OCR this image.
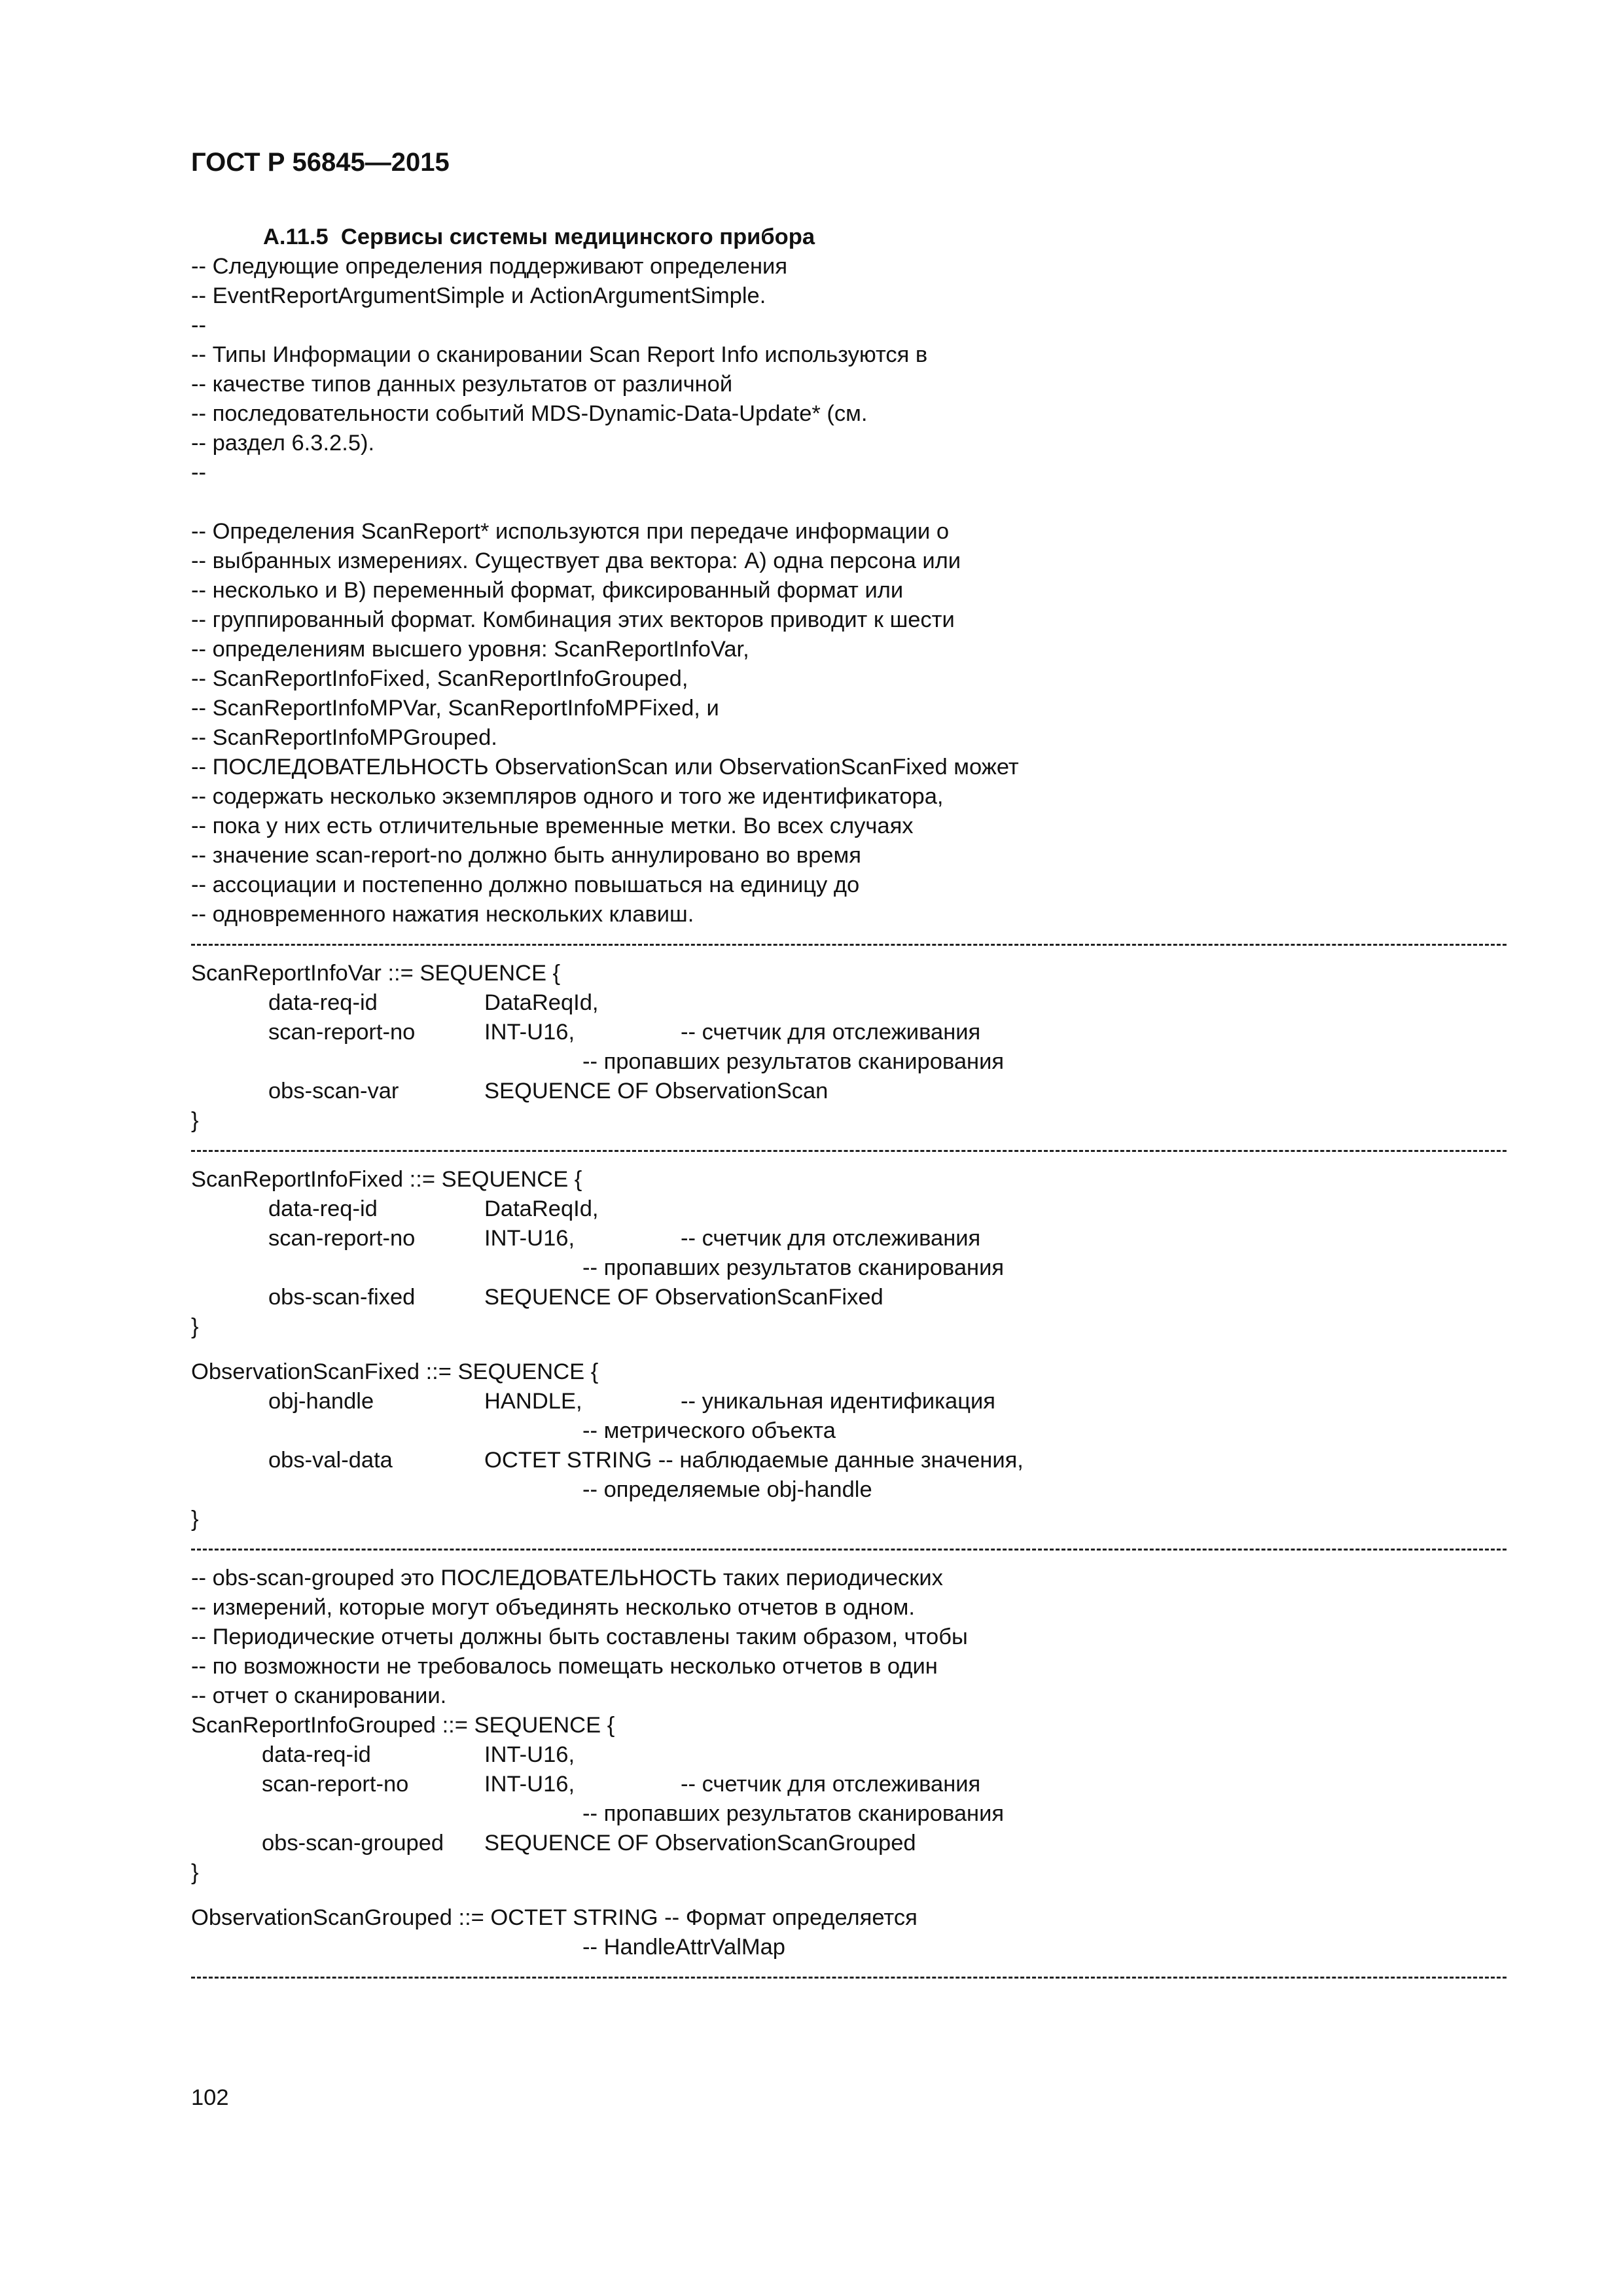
ГОСТ Р 56845—2015
А.11.5  Сервисы системы медицинского прибора
-- Следующие определения поддерживают определения
-- EventReportArgumentSimple и ActionArgumentSimple.
--
-- Типы Информации о сканировании Scan Report Info используются в
-- качестве типов данных результатов от различной
-- последовательности событий MDS-Dynamic-Data-Update* (см.
-- раздел 6.3.2.5).
--
-- Определения ScanReport* используются при передаче информации о
-- выбранных измерениях. Существует два вектора: А) одна персона или
-- несколько и В) переменный формат, фиксированный формат или
-- группированный формат. Комбинация этих векторов приводит к шести
-- определениям высшего уровня: ScanReportInfoVar,
-- ScanReportInfoFixed, ScanReportInfoGrouped,
-- ScanReportInfoMPVar, ScanReportInfoMPFixed, и
-- ScanReportInfoMPGrouped.
-- ПОСЛЕДОВАТЕЛЬНОСТЬ ObservationScan или ObservationScanFixed может
-- содержать несколько экземпляров одного и того же идентификатора,
-- пока у них есть отличительные временные метки. Во всех случаях
-- значение scan-report-no должно быть аннулировано во время
-- ассоциации и постепенно должно повышаться на единицу до
-- одновременного нажатия нескольких клавиш.
ScanReportInfoVar ::= SEQUENCE {
data-req-id	DataReqId,
scan-report-no	INT-U16,	-- счетчик для отслеживания
-- пропавших результатов сканирования
obs-scan-var	SEQUENCE OF ObservationScan
}
ScanReportInfoFixed ::= SEQUENCE {
data-req-id	DataReqId,
scan-report-no	INT-U16,	-- счетчик для отслеживания
-- пропавших результатов сканирования
obs-scan-fixed	SEQUENCE OF ObservationScanFixed
}
ObservationScanFixed ::= SEQUENCE {
obj-handle	HANDLE,	-- уникальная идентификация
-- метрического объекта
obs-val-data	OCTET STRING -- наблюдаемые данные значения,
-- определяемые obj-handle
}
-- obs-scan-grouped это ПОСЛЕДОВАТЕЛЬНОСТЬ таких периодических
-- измерений, которые могут объединять несколько отчетов в одном.
-- Периодические отчеты должны быть составлены таким образом, чтобы
-- по возможности не требовалось помещать несколько отчетов в один
-- отчет о сканировании.
ScanReportInfoGrouped ::= SEQUENCE {
data-req-id	INT-U16,
scan-report-no	INT-U16,	-- счетчик для отслеживания
-- пропавших результатов сканирования
obs-scan-grouped SEQUENCE OF ObservationScanGrouped
}
ObservationScanGrouped ::= OCTET STRING -- Формат определяется
-- HandleAttrValMap
102
